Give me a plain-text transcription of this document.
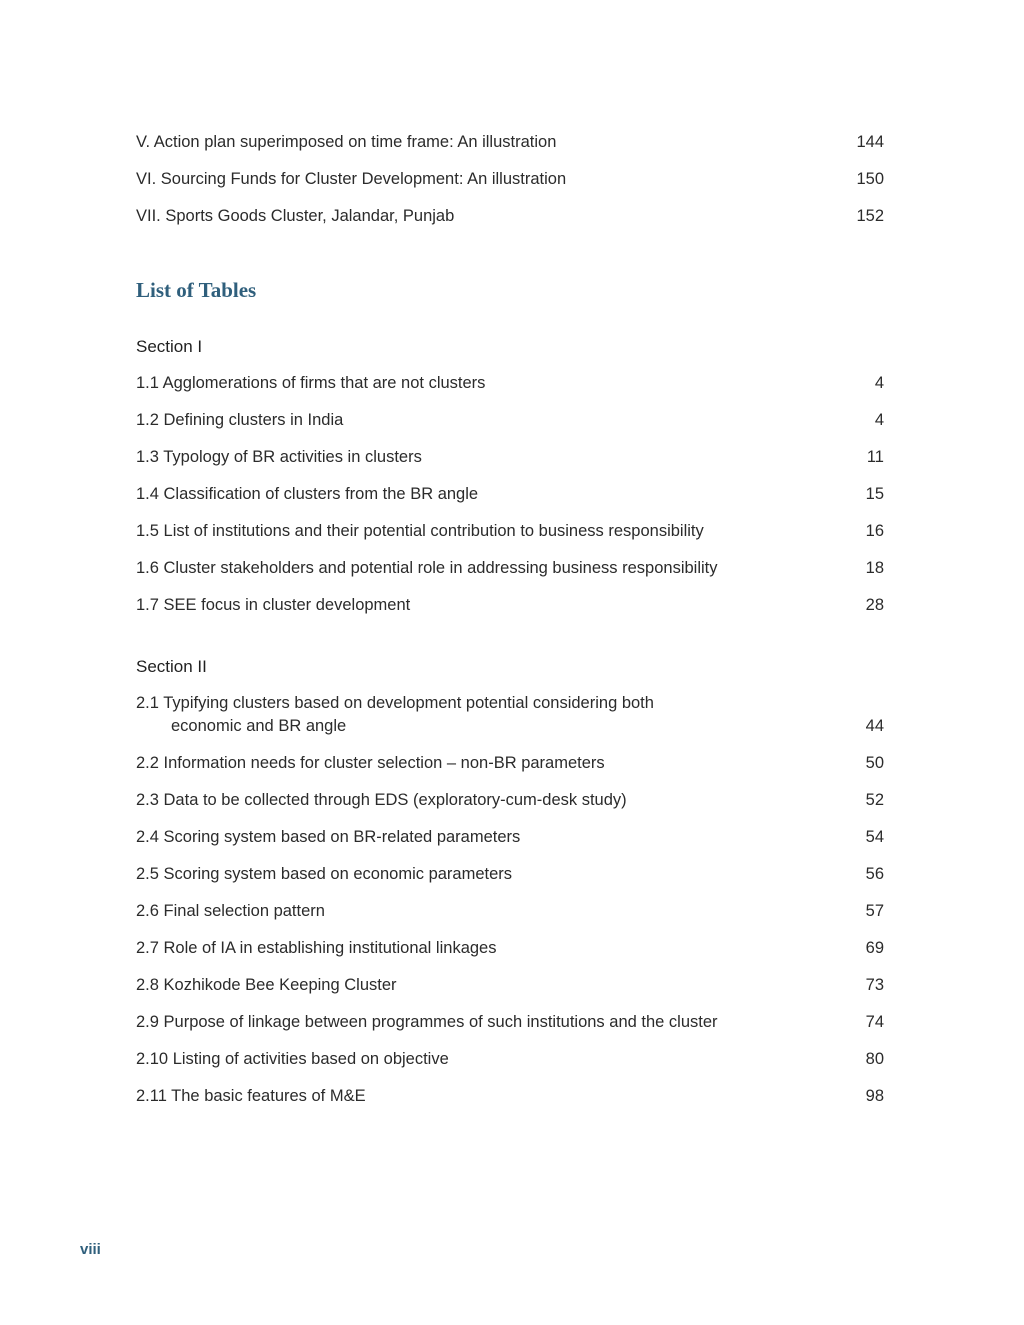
V. Action plan superimposed on time frame: An illustration	144
VI. Sourcing Funds for Cluster Development: An illustration	150
VII. Sports Goods Cluster, Jalandar, Punjab	152
List of Tables
Section I
1.1 Agglomerations of firms that are not clusters	4
1.2 Defining clusters in India	4
1.3 Typology of BR activities in clusters	11
1.4 Classification of clusters from the BR angle	15
1.5 List of institutions and their potential contribution to business responsibility	16
1.6 Cluster stakeholders and potential role in addressing business responsibility	18
1.7 SEE focus in cluster development	28
Section II
2.1 Typifying clusters based on development potential considering both
economic and BR angle	44
2.2 Information needs for cluster selection – non-BR parameters	50
2.3 Data to be collected through EDS (exploratory-cum-desk study)	52
2.4 Scoring system based on BR-related parameters	54
2.5 Scoring system based on economic parameters	56
2.6 Final selection pattern	57
2.7 Role of IA in establishing institutional linkages	69
2.8 Kozhikode Bee Keeping Cluster	73
2.9 Purpose of linkage between programmes of such institutions and the cluster	74
2.10 Listing of activities based on objective	80
2.11 The basic features of M&E	98
viii
